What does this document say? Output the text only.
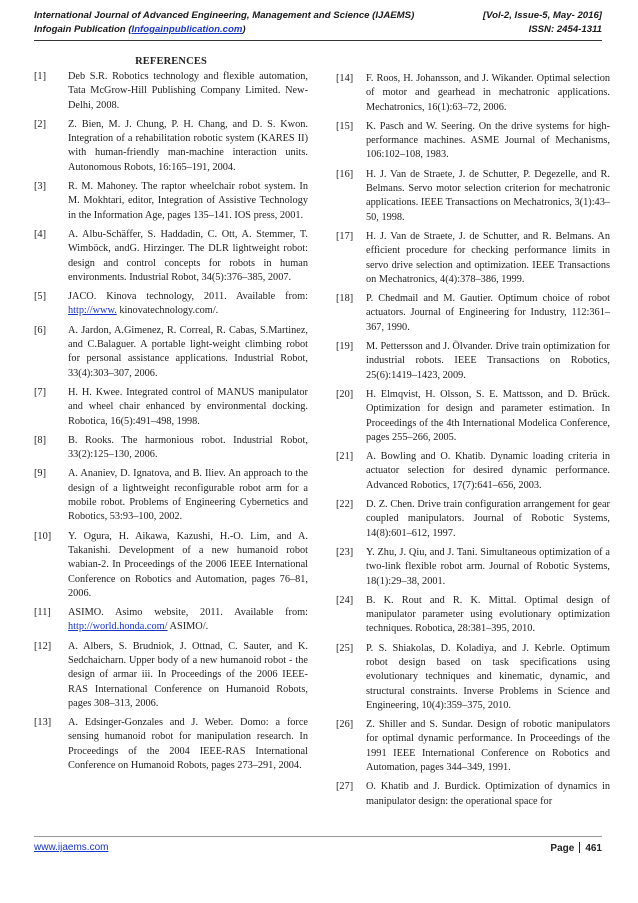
International Journal of Advanced Engineering, Management and Science (IJAEMS)	[Vol-2, Issue-5, May- 2016]
Infogain Publication (Infogainpublication.com)	ISSN: 2454-1311
REFERENCES
[1] Deb S.R. Robotics technology and flexible automation, Tata McGrow-Hill Publishing Company Limited. New-Delhi, 2008.
[2] Z. Bien, M. J. Chung, P. H. Chang, and D. S. Kwon. Integration of a rehabilitation robotic system (KARES II) with human-friendly man-machine interaction units. Autonomous Robots, 16:165–191, 2004.
[3] R. M. Mahoney. The raptor wheelchair robot system. In M. Mokhtari, editor, Integration of Assistive Technology in the Information Age, pages 135–141. IOS press, 2001.
[4] A. Albu-Schäffer, S. Haddadin, C. Ott, A. Stemmer, T. Wimböck, andG. Hirzinger. The DLR lightweight robot: design and control concepts for robots in human environments. Industrial Robot, 34(5):376–385, 2007.
[5] JACO. Kinova technology, 2011. Available from: http://www. kinovatechnology.com/.
[6] A. Jardon, A.Gimenez, R. Correal, R. Cabas, S.Martinez, and C.Balaguer. A portable light-weight climbing robot for personal assistance applications. Industrial Robot, 33(4):303–307, 2006.
[7] H. H. Kwee. Integrated control of MANUS manipulator and wheel chair enhanced by environmental docking. Robotica, 16(5):491–498, 1998.
[8] B. Rooks. The harmonious robot. Industrial Robot, 33(2):125–130, 2006.
[9] A. Ananiev, D. Ignatova, and B. Iliev. An approach to the design of a lightweight reconfigurable robot arm for a mobile robot. Problems of Engineering Cybernetics and Robotics, 53:93–100, 2002.
[10] Y. Ogura, H. Aikawa, Kazushi, H.-O. Lim, and A. Takanishi. Development of a new humanoid robot wabian-2. In Proceedings of the 2006 IEEE International Conference on Robotics and Automation, pages 76–81, 2006.
[11] ASIMO. Asimo website, 2011. Available from: http://world.honda.com/ ASIMO/.
[12] A. Albers, S. Brudniok, J. Ottnad, C. Sauter, and K. Sedchaicharn. Upper body of a new humanoid robot - the design of armar iii. In Proceedings of the 2006 IEEE-RAS International Conference on Humanoid Robots, pages 308–313, 2006.
[13] A. Edsinger-Gonzales and J. Weber. Domo: a force sensing humanoid robot for manipulation research. In Proceedings of the 2004 IEEE-RAS International Conference on Humanoid Robots, pages 273–291, 2004.
[14] F. Roos, H. Johansson, and J. Wikander. Optimal selection of motor and gearhead in mechatronic applications. Mechatronics, 16(1):63–72, 2006.
[15] K. Pasch and W. Seering. On the drive systems for high-performance machines. ASME Journal of Mechanisms, 106:102–108, 1983.
[16] H. J. Van de Straete, J. de Schutter, P. Degezelle, and R. Belmans. Servo motor selection criterion for mechatronic applications. IEEE Transactions on Mechatronics, 3(1):43–50, 1998.
[17] H. J. Van de Straete, J. de Schutter, and R. Belmans. An efficient procedure for checking performance limits in servo drive selection and optimization. IEEE Transactions on Mechatronics, 4(4):378–386, 1999.
[18] P. Chedmail and M. Gautier. Optimum choice of robot actuators. Journal of Engineering for Industry, 112:361–367, 1990.
[19] M. Pettersson and J. Ölvander. Drive train optimization for industrial robots. IEEE Transactions on Robotics, 25(6):1419–1423, 2009.
[20] H. Elmqvist, H. Olsson, S. E. Mattsson, and D. Brück. Optimization for design and parameter estimation. In Proceedings of the 4th International Modelica Conference, pages 255–266, 2005.
[21] A. Bowling and O. Khatib. Dynamic loading criteria in actuator selection for desired dynamic performance. Advanced Robotics, 17(7):641–656, 2003.
[22] D. Z. Chen. Drive train configuration arrangement for gear coupled manipulators. Journal of Robotic Systems, 14(8):601–612, 1997.
[23] Y. Zhu, J. Qiu, and J. Tani. Simultaneous optimization of a two-link flexible robot arm. Journal of Robotic Systems, 18(1):29–38, 2001.
[24] B. K. Rout and R. K. Mittal. Optimal design of manipulator parameter using evolutionary optimization techniques. Robotica, 28:381–395, 2010.
[25] P. S. Shiakolas, D. Koladiya, and J. Kebrle. Optimum robot design based on task specifications using evolutionary techniques and kinematic, dynamic, and structural constraints. Inverse Problems in Science and Engineering, 10(4):359–375, 2010.
[26] Z. Shiller and S. Sundar. Design of robotic manipulators for optimal dynamic performance. In Proceedings of the 1991 IEEE International Conference on Robotics and Automation, pages 344–349, 1991.
[27] O. Khatib and J. Burdick. Optimization of dynamics in manipulator design: the operational space for
www.ijaems.com	Page 461
